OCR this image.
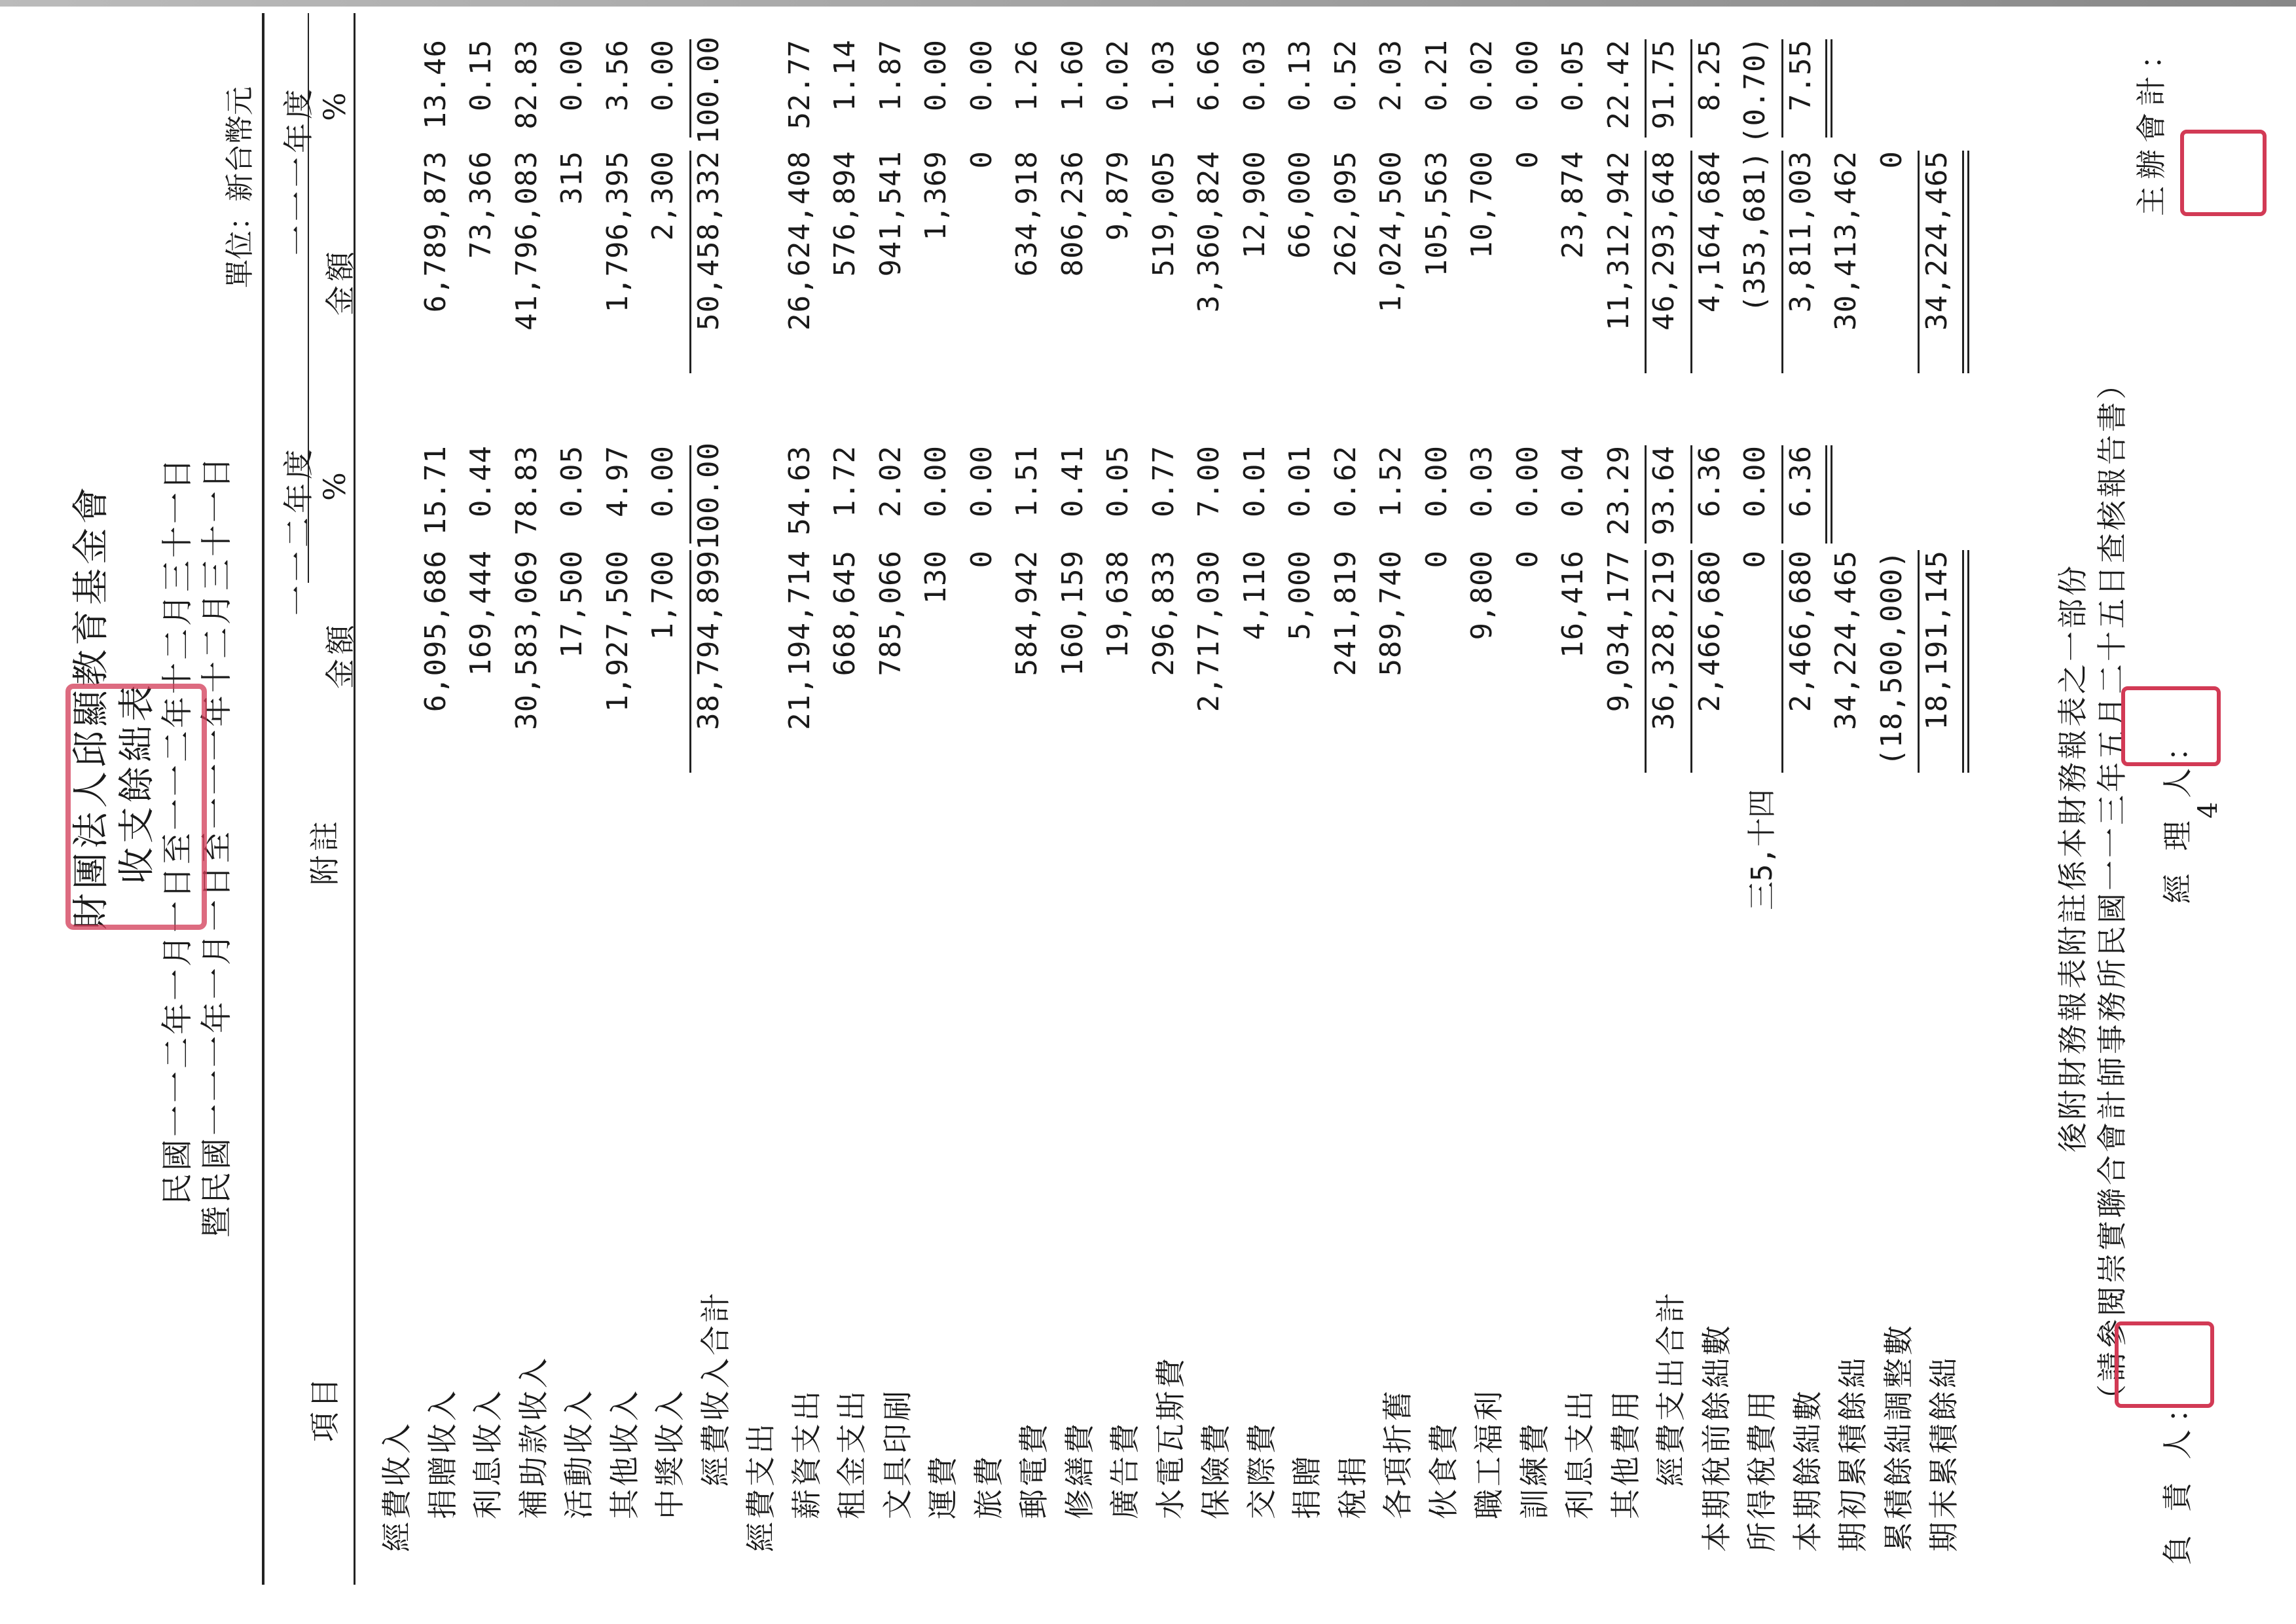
財團法人邱顯教育基金會 收支餘絀表 民國一一二年一月一日至一一二年十二月三十一日 暨民國一一一年一月一日至一一一年十二月三十一日
單位：新台幣元
項目
附註
一一二年度
一一一年度
金額
%
金額
%
經費收入 捐贈收入
6,095,686
15.71
6,789,873
13.46
利息收入
169,444
0.44
73,366
0.15
補助款收入
30,583,069
78.83
41,796,083
82.83
活動收入
17,500
0.05
315
0.00
其他收入
1,927,500
4.97
1,796,395
3.56
中獎收入
1,700
0.00
2,300
0.00
經費收入合計
38,794,899
100.00
50,458,332
100.00
經費支出 薪資支出
21,194,714
54.63
26,624,408
52.77
租金支出
668,645
1.72
576,894
1.14
文具印刷
785,066
2.02
941,541
1.87
運費
130
0.00
1,369
0.00
旅費
0
0.00
0
0.00
郵電費
584,942
1.51
634,918
1.26
修繕費
160,159
0.41
806,236
1.60
廣告費
19,638
0.05
9,879
0.02
水電瓦斯費
296,833
0.77
519,005
1.03
保險費
2,717,030
7.00
3,360,824
6.66
交際費
4,110
0.01
12,900
0.03
捐贈
5,000
0.01
66,000
0.13
稅捐
241,819
0.62
262,095
0.52
各項折舊
589,740
1.52
1,024,500
2.03
伙食費
0
0.00
105,563
0.21
職工福利
9,800
0.03
10,700
0.02
訓練費
0
0.00
0
0.00
利息支出
16,416
0.04
23,874
0.05
其他費用
9,034,177
23.29
11,312,942
22.42
經費支出合計
36,328,219
93.64
46,293,648
91.75
本期稅前餘絀數
2,466,680
6.36
4,164,684
8.25
所得稅費用
三5,十四
0
0.00
(353,681)
(0.70)
本期餘絀數
2,466,680
6.36
3,811,003
7.55
期初累積餘絀
34,224,465
30,413,462
累積餘絀調整數
(18,500,000)
0
期末累積餘絀
18,191,145
34,224,465
後附財務報表附註係本財務報表之一部份 （請參閱崇實聯合會計師事務所民國一一三年五月二十五日查核報告書）
負 責 人：
經 理 人：
主辦會計：
4
